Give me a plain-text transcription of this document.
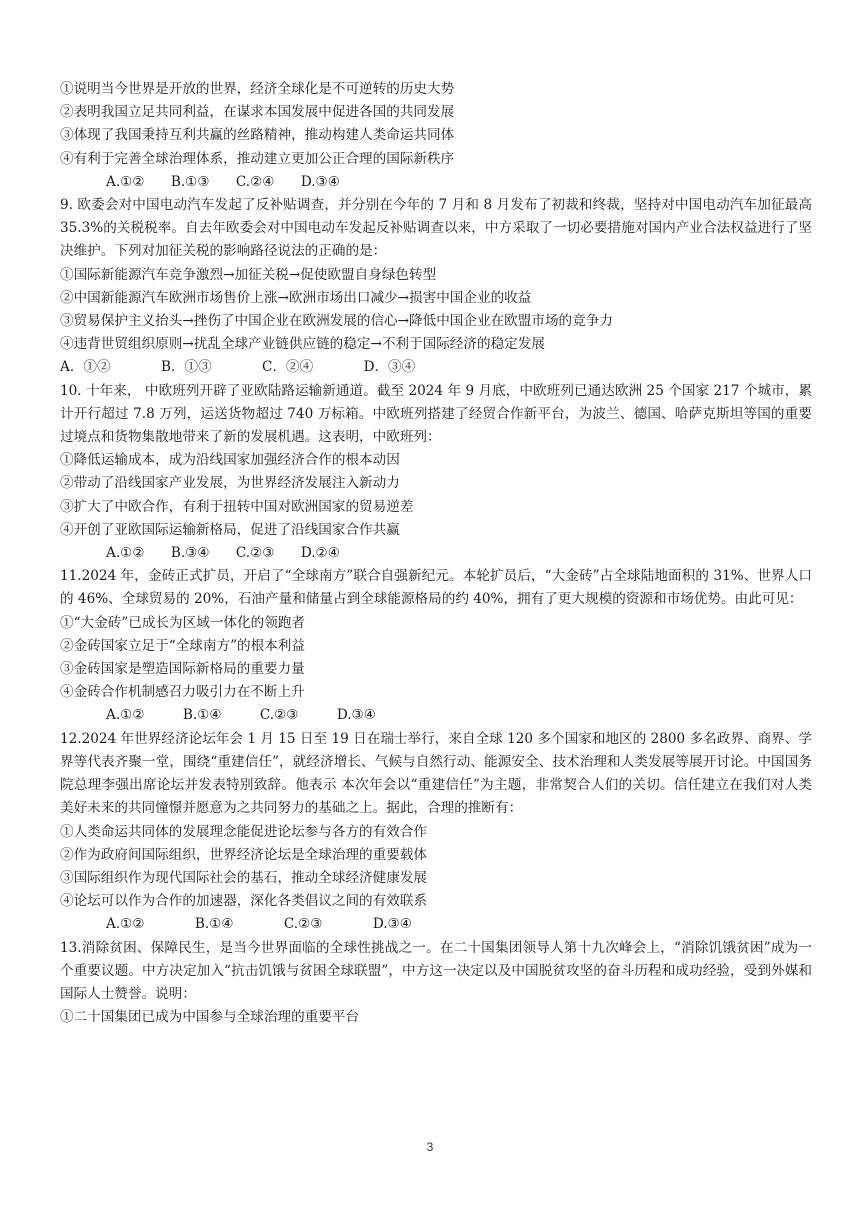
①说明当今世界是开放的世界，经济全球化是不可逆转的历史大势
②表明我国立足共同利益，在谋求本国发展中促进各国的共同发展
③体现了我国秉持互利共赢的丝路精神，推动构建人类命运共同体
④有利于完善全球治理体系，推动建立更加公正合理的国际新秩序
A.①② B.①③ C.②④ D.③④
9. 欧委会对中国电动汽车发起了反补贴调查，并分别在今年的 7 月和 8 月发布了初裁和终裁，坚持对中国电动汽车加征最高 35.3%的关税税率。自去年欧委会对中国电动车发起反补贴调查以来，中方采取了一切必要措施对国内产业合法权益进行了坚决维护。下列对加征关税的影响路径说法的正确的是：
①国际新能源汽车竞争激烈→加征关税→促使欧盟自身绿色转型
②中国新能源汽车欧洲市场售价上涨→欧洲市场出口减少→损害中国企业的收益
③贸易保护主义抬头→挫伤了中国企业在欧洲发展的信心→降低中国企业在欧盟市场的竞争力
④违背世贸组织原则→扰乱全球产业链供应链的稳定→不利于国际经济的稳定发展
A．①②	B．①③	C．②④	D．③④
10. 十年来， 中欧班列开辟了亚欧陆路运输新通道。截至 2024 年 9 月底，中欧班列已通达欧洲 25 个国家 217 个城市，累计开行超过 7.8 万列，运送货物超过 740 万标箱。中欧班列搭建了经贸合作新平台，为波兰、德国、哈萨克斯坦等国的重要过境点和货物集散地带来了新的发展机遇。这表明，中欧班列：
①降低运输成本，成为沿线国家加强经济合作的根本动因
②带动了沿线国家产业发展，为世界经济发展注入新动力
③扩大了中欧合作，有利于扭转中国对欧洲国家的贸易逆差
④开创了亚欧国际运输新格局，促进了沿线国家合作共赢
A.①② B.③④ C.②③ D.②④
11.2024 年，金砖正式扩员，开启了“全球南方”联合自强新纪元。本轮扩员后，“大金砖”占全球陆地面积的 31%、世界人口的 46%、全球贸易的 20%，石油产量和储量占到全球能源格局的约 40%，拥有了更大规模的资源和市场优势。由此可见：
①“大金砖”已成长为区域一体化的领跑者
②金砖国家立足于“全球南方”的根本利益
③金砖国家是塑造国际新格局的重要力量
④金砖合作机制感召力吸引力在不断上升
A.①②	B.①④	C.②③	D.③④
12.2024 年世界经济论坛年会 1 月 15 日至 19 日在瑞士举行，来自全球 120 多个国家和地区的 2800 多名政界、商界、学界等代表齐聚一堂，围绕“重建信任”，就经济增长、气候与自然行动、能源安全、技术治理和人类发展等展开讨论。中国国务院总理李强出席论坛并发表特别致辞。他表示 本次年会以“重建信任”为主题，非常契合人们的关切。信任建立在我们对人类美好未来的共同憧憬并愿意为之共同努力的基础之上。据此，合理的推断有：
①人类命运共同体的发展理念能促进论坛参与各方的有效合作
②作为政府间国际组织，世界经济论坛是全球治理的重要载体
③国际组织作为现代国际社会的基石，推动全球经济健康发展
④论坛可以作为合作的加速器，深化各类倡议之间的有效联系
A.①②	B.①④	C.②③	D.③④
13.消除贫困、保障民生，是当今世界面临的全球性挑战之一。在二十国集团领导人第十九次峰会上，“消除饥饿贫困”成为一个重要议题。中方决定加入“抗击饥饿与贫困全球联盟”，中方这一决定以及中国脱贫攻坚的奋斗历程和成功经验，受到外媒和国际人士赞誉。说明：
①二十国集团已成为中国参与全球治理的重要平台
3
